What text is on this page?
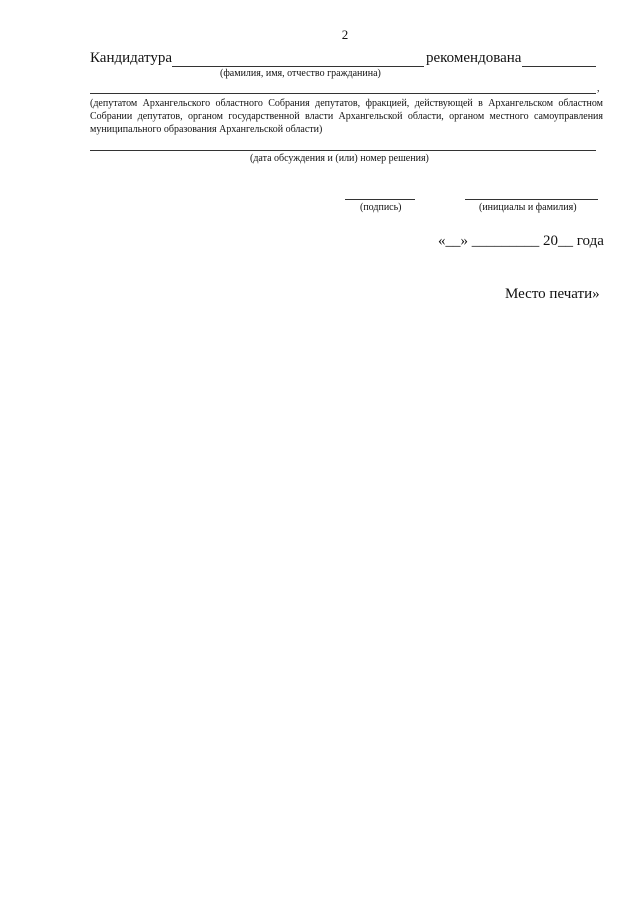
2
Кандидатура	рекомендована
(фамилия, имя, отчество гражданина)
,
(депутатом Архангельского областного Собрания депутатов, фракцией, действующей в Архангельском областном Собрании депутатов, органом государственной власти Архангельской области, органом местного самоуправления муниципального образования Архангельской области)
(дата обсуждения и (или) номер решения)
(подпись)	(инициалы и фамилия)
«__» _________ 20__ года
Место печати»
